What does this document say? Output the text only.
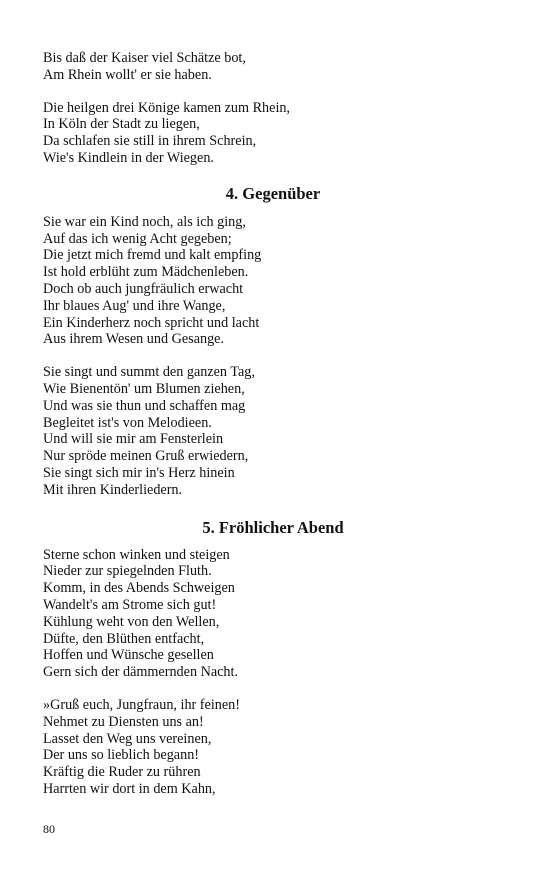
Bis daß der Kaiser viel Schätze bot,
Am Rhein wollt' er sie haben.
Die heilgen drei Könige kamen zum Rhein,
In Köln der Stadt zu liegen,
Da schlafen sie still in ihrem Schrein,
Wie's Kindlein in der Wiegen.
4. Gegenüber
Sie war ein Kind noch, als ich ging,
Auf das ich wenig Acht gegeben;
Die jetzt mich fremd und kalt empfing
Ist hold erblüht zum Mädchenleben.
Doch ob auch jungfräulich erwacht
Ihr blaues Aug' und ihre Wange,
Ein Kinderherz noch spricht und lacht
Aus ihrem Wesen und Gesange.
Sie singt und summt den ganzen Tag,
Wie Bienentön' um Blumen ziehen,
Und was sie thun und schaffen mag
Begleitet ist's von Melodieen.
Und will sie mir am Fensterlein
Nur spröde meinen Gruß erwiedern,
Sie singt sich mir in's Herz hinein
Mit ihren Kinderliedern.
5. Fröhlicher Abend
Sterne schon winken und steigen
Nieder zur spiegelnden Fluth.
Komm, in des Abends Schweigen
Wandelt's am Strome sich gut!
Kühlung weht von den Wellen,
Düfte, den Blüthen entfacht,
Hoffen und Wünsche gesellen
Gern sich der dämmernden Nacht.
»Gruß euch, Jungfraun, ihr feinen!
Nehmet zu Diensten uns an!
Lasset den Weg uns vereinen,
Der uns so lieblich begann!
Kräftig die Ruder zu rühren
Harrten wir dort in dem Kahn,
80
